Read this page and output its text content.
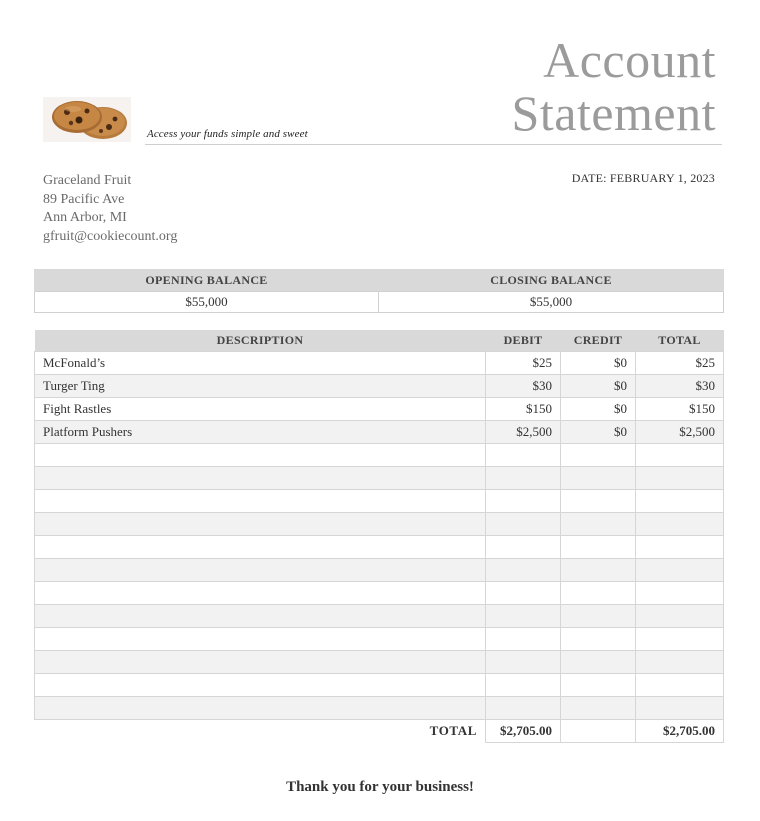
Access your funds simple and sweet
Account
Statement
DATE: FEBRUARY 1, 2023
Graceland Fruit
89 Pacific Ave
Ann Arbor, MI
gfruit@cookiecount.org
OPENING BALANCE	CLOSING BALANCE
$55,000	$55,000
DESCRIPTION	DEBIT	CREDIT	TOTAL
McFonald’s	$25	$0	$25
Turger Ting	$30	$0	$30
Fight Rastles	$150	$0	$150
Platform Pushers	$2,500	$0	$2,500

TOTAL	$2,705.00		$2,705.00
Thank you for your business!
